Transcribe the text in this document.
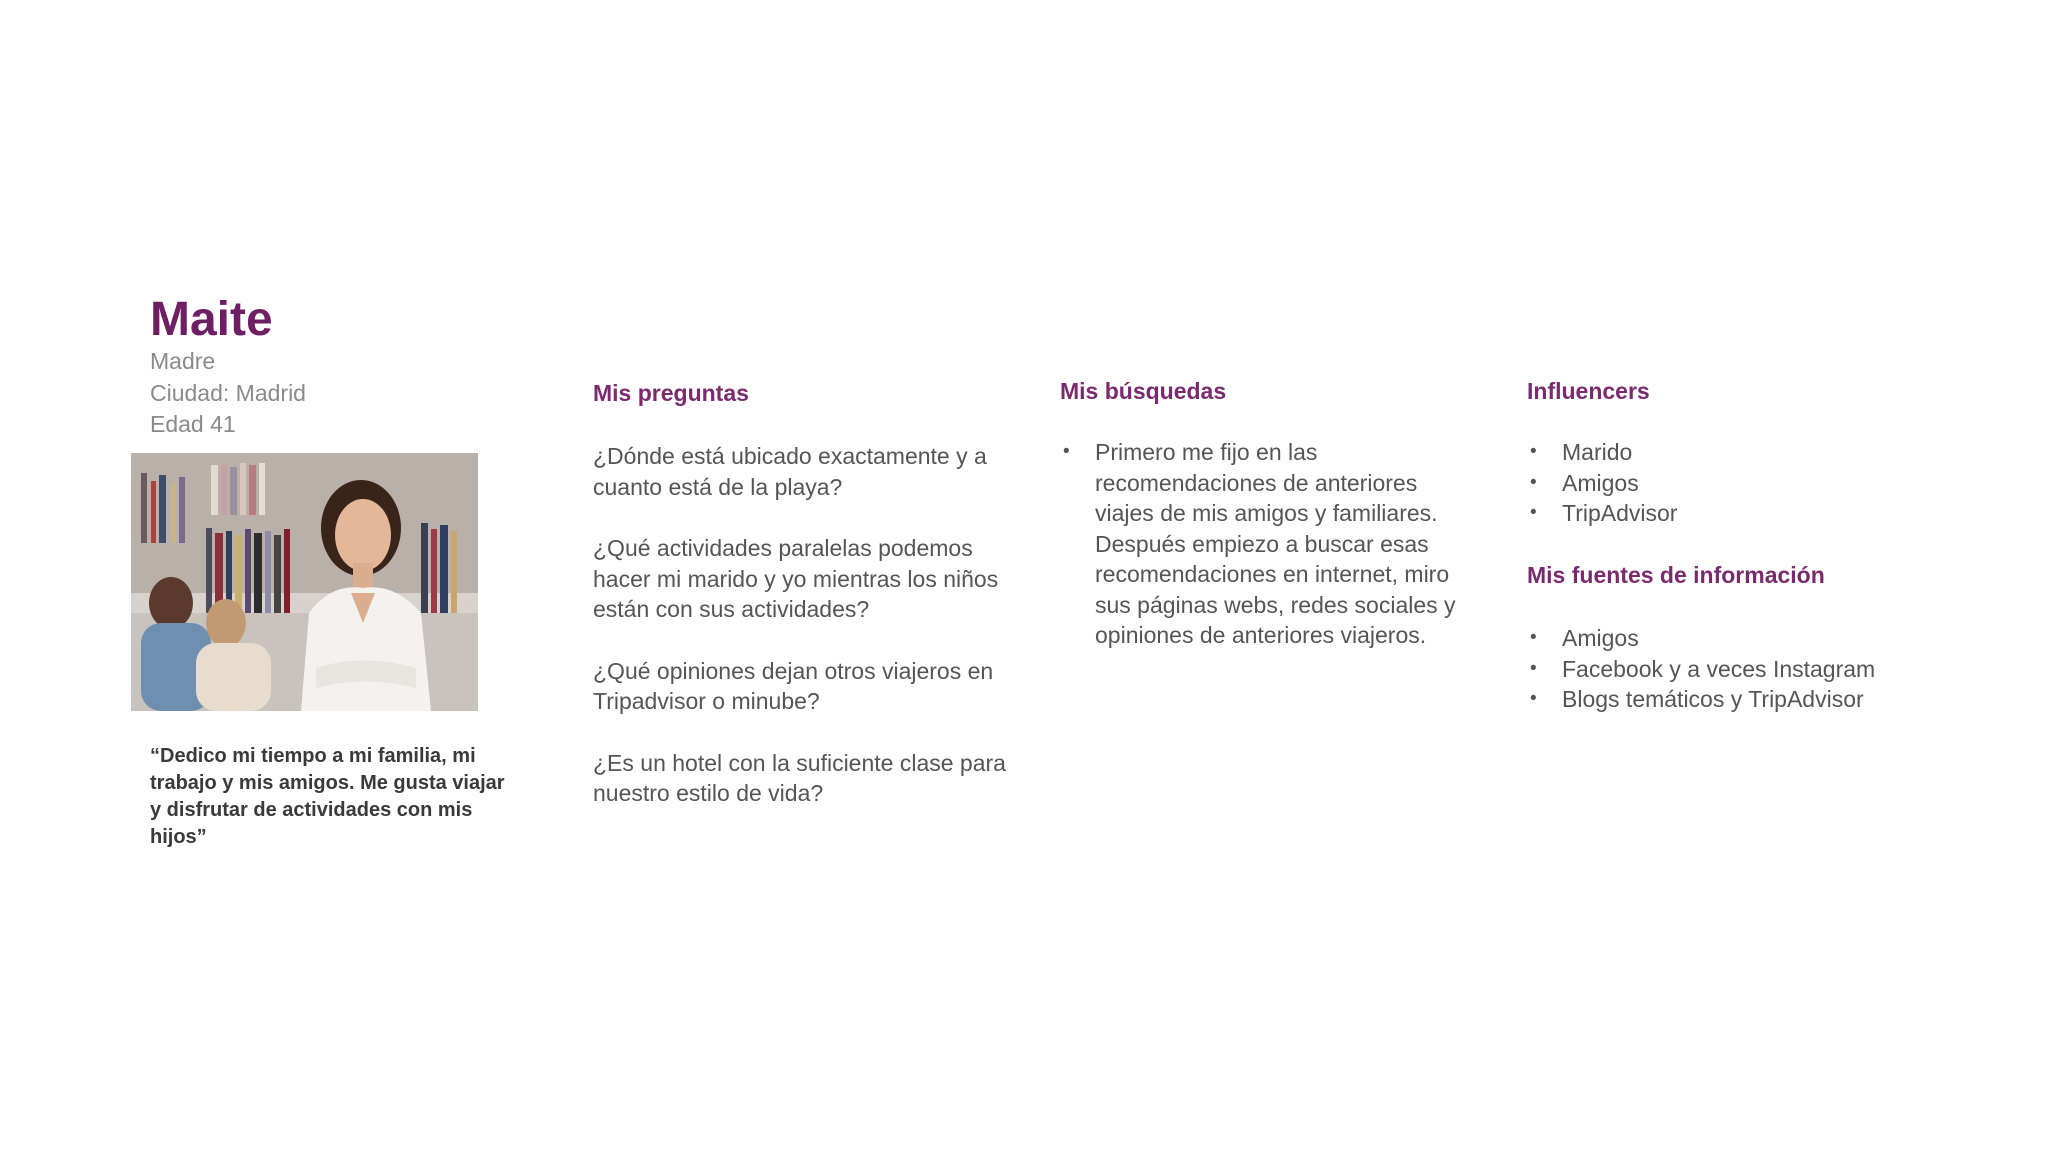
Maite
Madre
Ciudad: Madrid
Edad 41
“Dedico mi tiempo a mi familia, mi trabajo y mis amigos. Me gusta viajar y disfrutar de actividades con mis hijos”
Mis preguntas

¿Dónde está ubicado exactamente y a cuanto está de la playa?

¿Qué actividades paralelas podemos hacer mi marido y yo mientras los niños están con sus actividades?

¿Qué opiniones dejan otros viajeros en Tripadvisor o minube?

¿Es un hotel con la suficiente clase para nuestro estilo de vida?

Mis búsquedas
• Primero me fijo en las recomendaciones de anteriores viajes de mis amigos y familiares. Después empiezo a buscar esas recomendaciones en internet, miro sus páginas webs, redes sociales y opiniones de anteriores viajeros.
Influencers
• Marido
• Amigos
• TripAdvisor
Mis fuentes de información
• Amigos
• Facebook y a veces Instagram
• Blogs temáticos y TripAdvisor
